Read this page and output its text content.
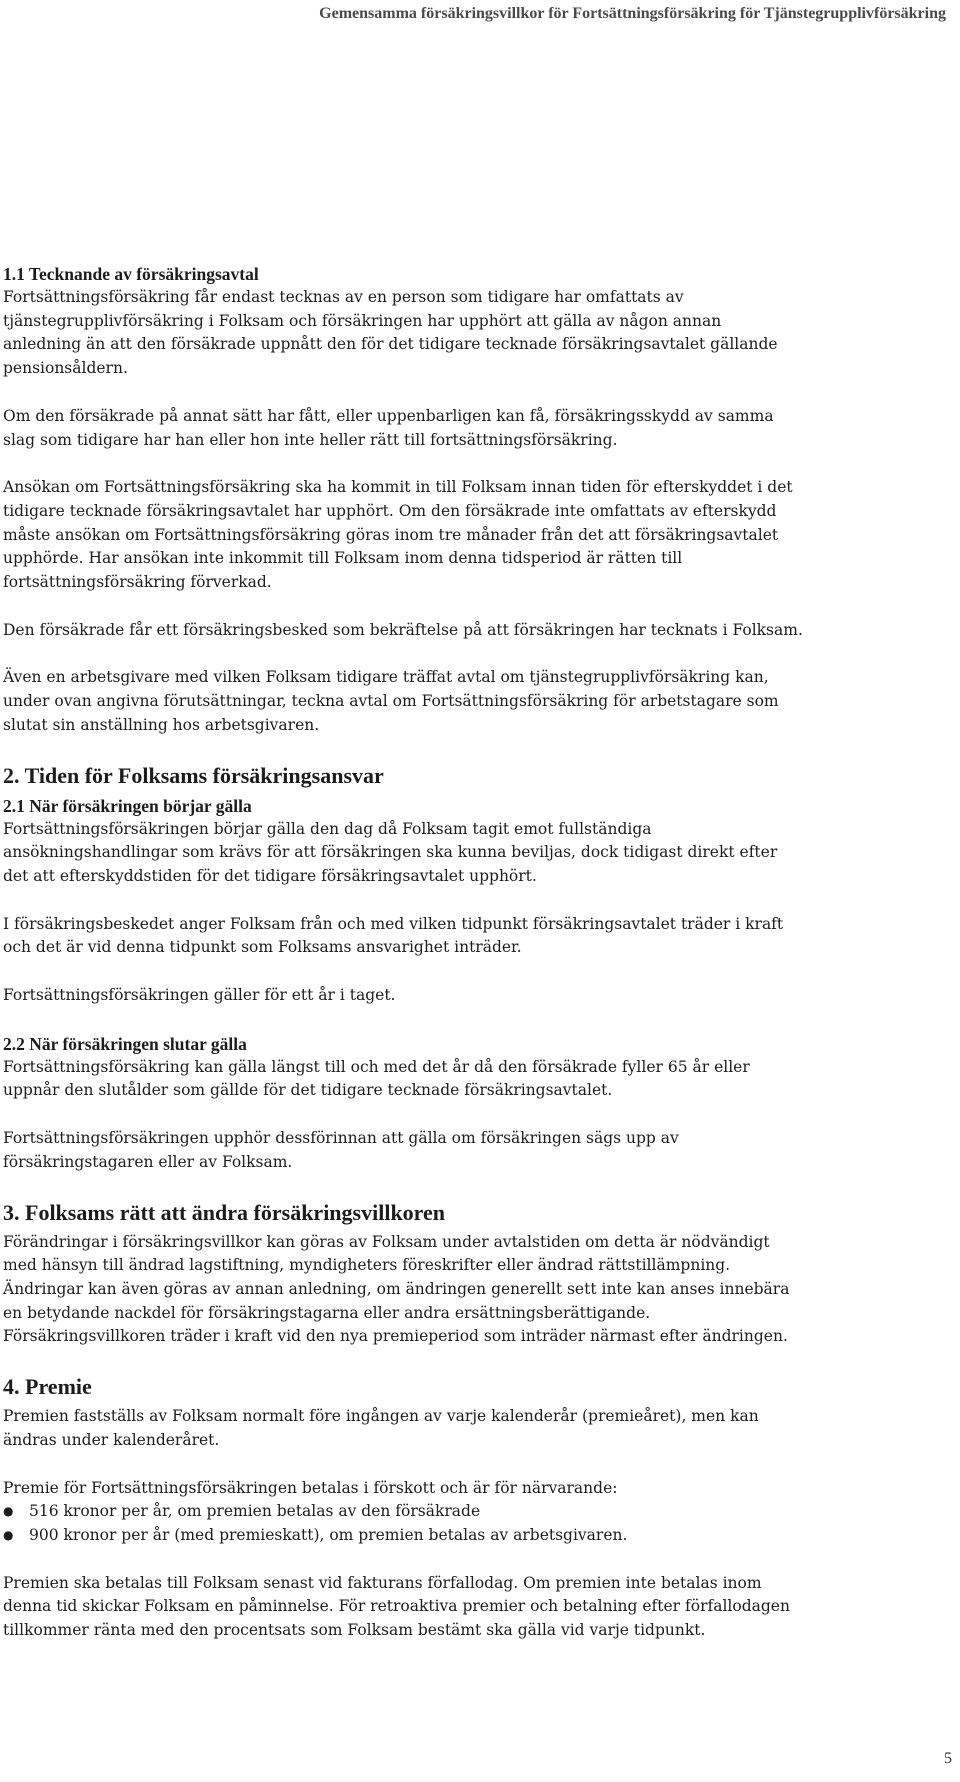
Gemensamma försäkringsvillkor för Fortsättningsförsäkring för Tjänstegrupplivförsäkring
1.1 Tecknande av försäkringsavtal

Fortsättningsförsäkring får endast tecknas av en person som tidigare har omfattats av tjänstegrupplivförsäkring i Folksam och försäkringen har upphört att gälla av någon annan anledning än att den försäkrade uppnått den för det tidigare tecknade försäkringsavtalet gällande pensionsåldern.

Om den försäkrade på annat sätt har fått, eller uppenbarligen kan få, försäkringsskydd av samma slag som tidigare har han eller hon inte heller rätt till fortsättningsförsäkring.

Ansökan om Fortsättningsförsäkring ska ha kommit in till Folksam innan tiden för efterskyddet i det tidigare tecknade försäkringsavtalet har upphört. Om den försäkrade inte omfattats av efterskydd måste ansökan om Fortsättningsförsäkring göras inom tre månader från det att försäkringsavtalet upphörde. Har ansökan inte inkommit till Folksam inom denna tidsperiod är rätten till fortsättningsförsäkring förverkad.

Den försäkrade får ett försäkringsbesked som bekräftelse på att försäkringen har tecknats i Folksam.

Även en arbetsgivare med vilken Folksam tidigare träffat avtal om tjänstegrupplivförsäkring kan, under ovan angivna förutsättningar, teckna avtal om Fortsättningsförsäkring för arbetstagare som slutat sin anställning hos arbetsgivaren.

2. Tiden för Folksams försäkringsansvar
2.1 När försäkringen börjar gälla

Fortsättningsförsäkringen börjar gälla den dag då Folksam tagit emot fullständiga ansökningshandlingar som krävs för att försäkringen ska kunna beviljas, dock tidigast direkt efter det att efterskyddstiden för det tidigare försäkringsavtalet upphört.

I försäkringsbeskedet anger Folksam från och med vilken tidpunkt försäkringsavtalet träder i kraft och det är vid denna tidpunkt som Folksams ansvarighet inträder.

Fortsättningsförsäkringen gäller för ett år i taget.

2.2 När försäkringen slutar gälla

Fortsättningsförsäkring kan gälla längst till och med det år då den försäkrade fyller 65 år eller uppnår den slutålder som gällde för det tidigare tecknade försäkringsavtalet.

Fortsättningsförsäkringen upphör dessförinnan att gälla om försäkringen sägs upp av försäkringstagaren eller av Folksam.

3. Folksams rätt att ändra försäkringsvillkoren

Förändringar i försäkringsvillkor kan göras av Folksam under avtalstiden om detta är nödvändigt med hänsyn till ändrad lagstiftning, myndigheters föreskrifter eller ändrad rättstillämpning. Ändringar kan även göras av annan anledning, om ändringen generellt sett inte kan anses innebära en betydande nackdel för försäkringstagarna eller andra ersättningsberättigande. Försäkringsvillkoren träder i kraft vid den nya premieperiod som inträder närmast efter ändringen.

4. Premie

Premien fastställs av Folksam normalt före ingången av varje kalenderår (premieåret), men kan ändras under kalenderåret.

Premie för Fortsättningsförsäkringen betalas i förskott och är för närvarande:

● 516 kronor per år, om premien betalas av den försäkrade
● 900 kronor per år (med premieskatt), om premien betalas av arbetsgivaren.

Premien ska betalas till Folksam senast vid fakturans förfallodag. Om premien inte betalas inom denna tid skickar Folksam en påminnelse. För retroaktiva premier och betalning efter förfallodagen tillkommer ränta med den procentsats som Folksam bestämt ska gälla vid varje tidpunkt.

5
